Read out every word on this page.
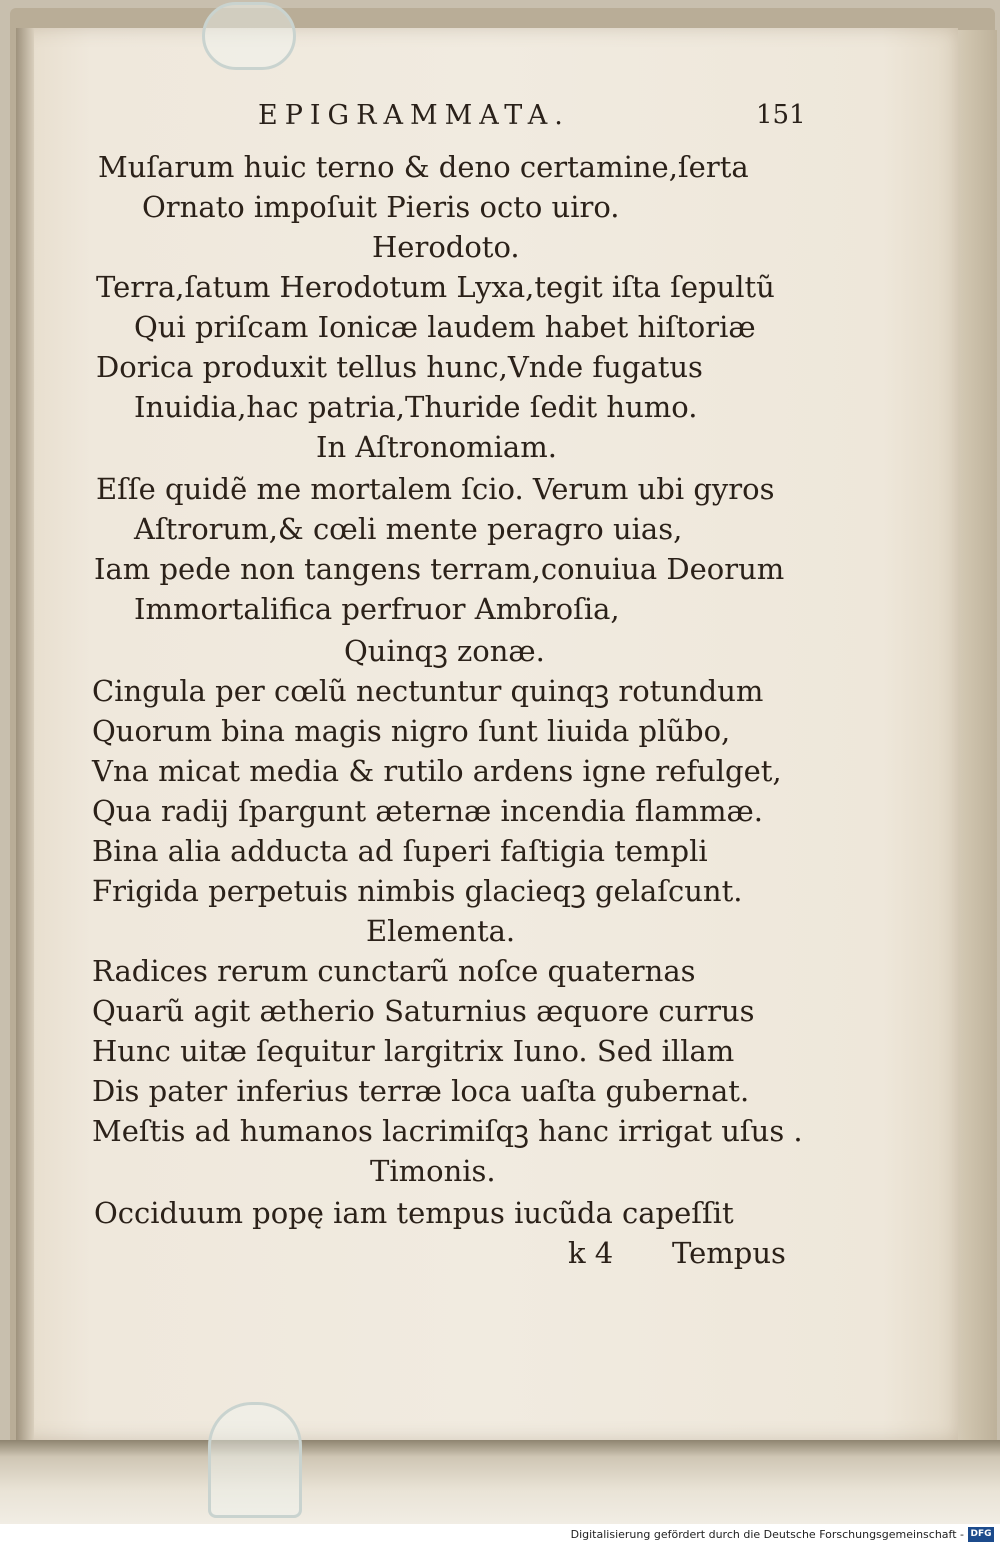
EPIGRAMMATA.	151
Muſarum huic terno & deno certamine,ſerta
Ornato impoſuit Pieris octo uiro.
Herodoto.
Terra,ſatum Herodotum Lyxa,tegit iſta ſepultũ
Qui priſcam Ionicæ laudem habet hiſtoriæ
Dorica produxit tellus hunc,Vnde fugatus
Inuidia,hac patria,Thuride ſedit humo.
In Aſtronomiam.
Eſſe quidẽ me mortalem ſcio. Verum ubi gyros
Aſtrorum,& cœli mente peragro uias,
Iam pede non tangens terram,conuiua Deorum
Immortalifica perfruor Ambroſia,
Quinqꝫ zonæ.
Cingula per cœlũ nectuntur quinqꝫ rotundum
Quorum bina magis nigro ſunt liuida plũbo,
Vna micat media & rutilo ardens igne refulget,
Qua radij ſpargunt æternæ incendia flammæ.
Bina alia adducta ad ſuperi faſtigia templi
Frigida perpetuis nimbis glacieqꝫ gelaſcunt.
Elementa.
Radices rerum cunctarũ noſce quaternas
Quarũ agit ætherio Saturnius æquore currus
Hunc uitæ ſequitur largitrix Iuno. Sed illam
Dis pater inferius terræ loca uaſta gubernat.
Meſtis ad humanos lacrimiſqꝫ hanc irrigat uſus .
Timonis.
Occiduum popę iam tempus iucũda capeſſit
k 4 Tempus
Digitalisierung gefördert durch die Deutsche Forschungsgemeinschaft - DFG
